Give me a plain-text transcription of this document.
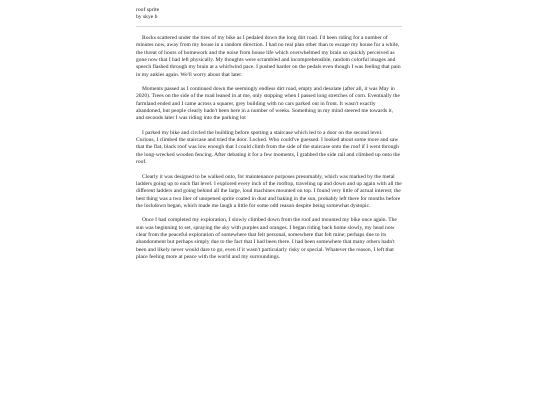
roof sprite

by skye b

Rocks scattered under the tires of my bike as I pedaled down the long dirt road. I'd been riding for a number of minutes now, away from my house in a random direction. I had no real plan other than to escape my house for a while, the threat of hours of homework and the noise from house life which overwhelmed my brain so quickly perceived as gone now that I had left physically. My thoughts were scrambled and incomprehensible, random colorful images and speech flashed through my brain at a whirlwind pace. I pushed harder on the pedals even though I was feeling that pain in my ankles again. We'll worry about that later.

Moments passed as I continued down the seemingly endless dirt road, empty and desolate (after all, it was May in 2020). Trees on the side of the road leaned in at me, only stopping when I passed long stretches of corn. Eventually the farmland ended and I came across a squarer, grey building with no cars parked out in front. It wasn't exactly abandoned, but people clearly hadn't been here in a number of weeks. Something in my mind steered me towards it, and seconds later I was riding into the parking lot

I parked my bike and circled the building before spotting a staircase which led to a door on the second level. Curious, I climbed the staircase and tried the door. Locked. Who could've guessed. I looked about some more and saw that the flat, black roof was low enough that I could climb from the side of the staircase onto the roof if I went through the long-wrecked wooden fencing. After debating it for a few moments, I grabbed the side rail and climbed up onto the roof.

Clearly it was designed to be walked onto, for maintenance purposes presumably, which was marked by the metal ladders going up to each flat level. I explored every inch of the rooftop, traveling up and down and up again with all the different ladders and going behind all the large, loud machines mounted on top. I found very little of actual interest; the best thing was a two liter of unopened sprite coated in dust and baking in the sun, probably left there for months before the lockdown began, which made me laugh a little for some odd reason despite being somewhat dystopic.

Once I had completed my exploration, I slowly climbed down from the roof and mounted my bike once again. The sun was beginning to set, spraying the sky with purples and oranges. I began riding back home slowly, my head now clear from the peaceful exploration of somewhere that felt personal, somewhere that felt mine; perhaps due to its abandonment but perhaps simply due to the fact that I had been there. I had been somewhere that many others hadn't been and likely never would dare to go, even if it wasn't particularly risky or special. Whatever the reason, I left that place feeling more at peace with the world and my surroundings.
